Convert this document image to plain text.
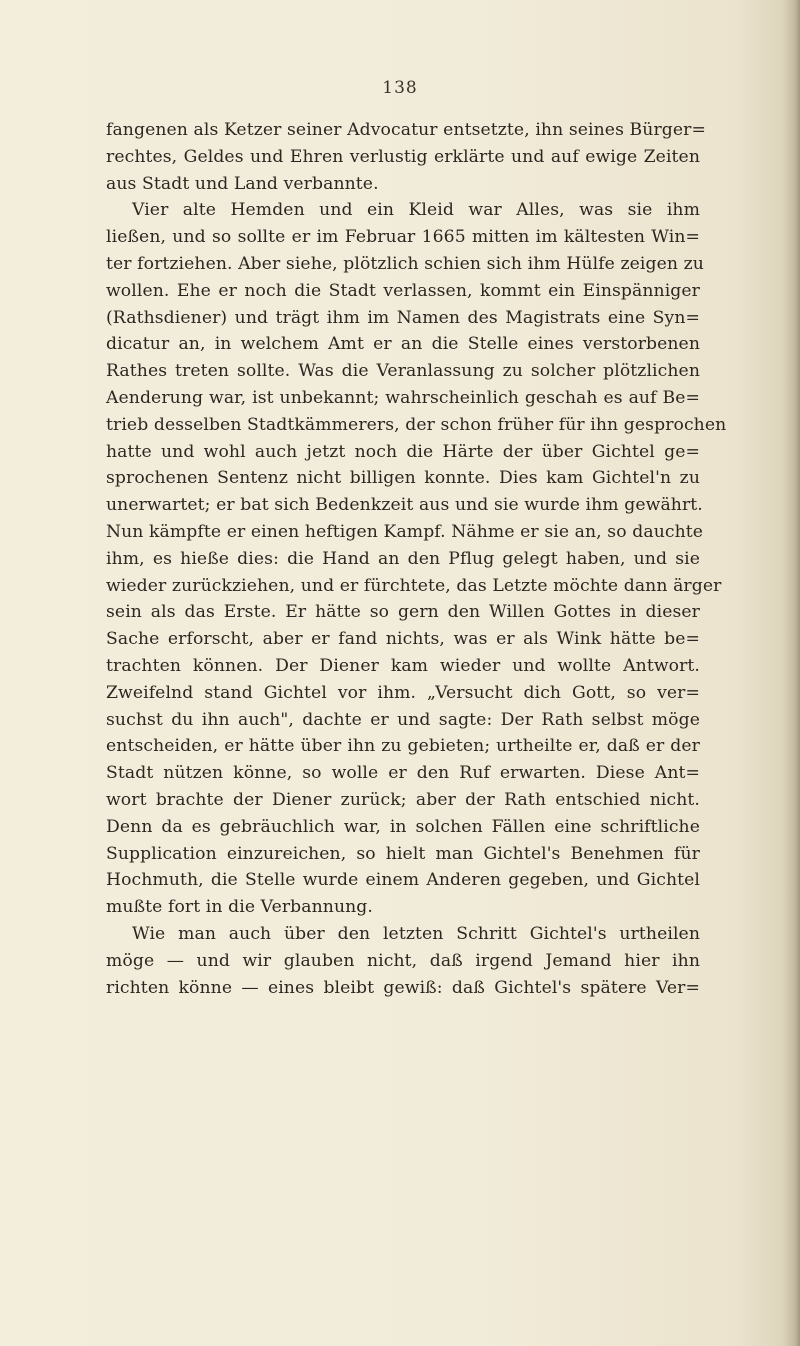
138
fangenen als Ketzer seiner Advocatur entsetzte, ihn seines Bürger=
rechtes, Geldes und Ehren verlustig erklärte und auf ewige Zeiten
aus Stadt und Land verbannte.
Vier alte Hemden und ein Kleid war Alles, was sie ihm
ließen, und so sollte er im Februar 1665 mitten im kältesten Win=
ter fortziehen. Aber siehe, plötzlich schien sich ihm Hülfe zeigen zu
wollen. Ehe er noch die Stadt verlassen, kommt ein Einspänniger
(Rathsdiener) und trägt ihm im Namen des Magistrats eine Syn=
dicatur an, in welchem Amt er an die Stelle eines verstorbenen
Rathes treten sollte. Was die Veranlassung zu solcher plötzlichen
Aenderung war, ist unbekannt; wahrscheinlich geschah es auf Be=
trieb desselben Stadtkämmerers, der schon früher für ihn gesprochen
hatte und wohl auch jetzt noch die Härte der über Gichtel ge=
sprochenen Sentenz nicht billigen konnte. Dies kam Gichtel'n zu
unerwartet; er bat sich Bedenkzeit aus und sie wurde ihm gewährt.
Nun kämpfte er einen heftigen Kampf. Nähme er sie an, so dauchte
ihm, es hieße dies: die Hand an den Pflug gelegt haben, und sie
wieder zurückziehen, und er fürchtete, das Letzte möchte dann ärger
sein als das Erste. Er hätte so gern den Willen Gottes in dieser
Sache erforscht, aber er fand nichts, was er als Wink hätte be=
trachten können. Der Diener kam wieder und wollte Antwort.
Zweifelnd stand Gichtel vor ihm. „Versucht dich Gott, so ver=
suchst du ihn auch", dachte er und sagte: Der Rath selbst möge
entscheiden, er hätte über ihn zu gebieten; urtheilte er, daß er der
Stadt nützen könne, so wolle er den Ruf erwarten. Diese Ant=
wort brachte der Diener zurück; aber der Rath entschied nicht.
Denn da es gebräuchlich war, in solchen Fällen eine schriftliche
Supplication einzureichen, so hielt man Gichtel's Benehmen für
Hochmuth, die Stelle wurde einem Anderen gegeben, und Gichtel
mußte fort in die Verbannung.
Wie man auch über den letzten Schritt Gichtel's urtheilen
möge — und wir glauben nicht, daß irgend Jemand hier ihn
richten könne — eines bleibt gewiß: daß Gichtel's spätere Ver=
